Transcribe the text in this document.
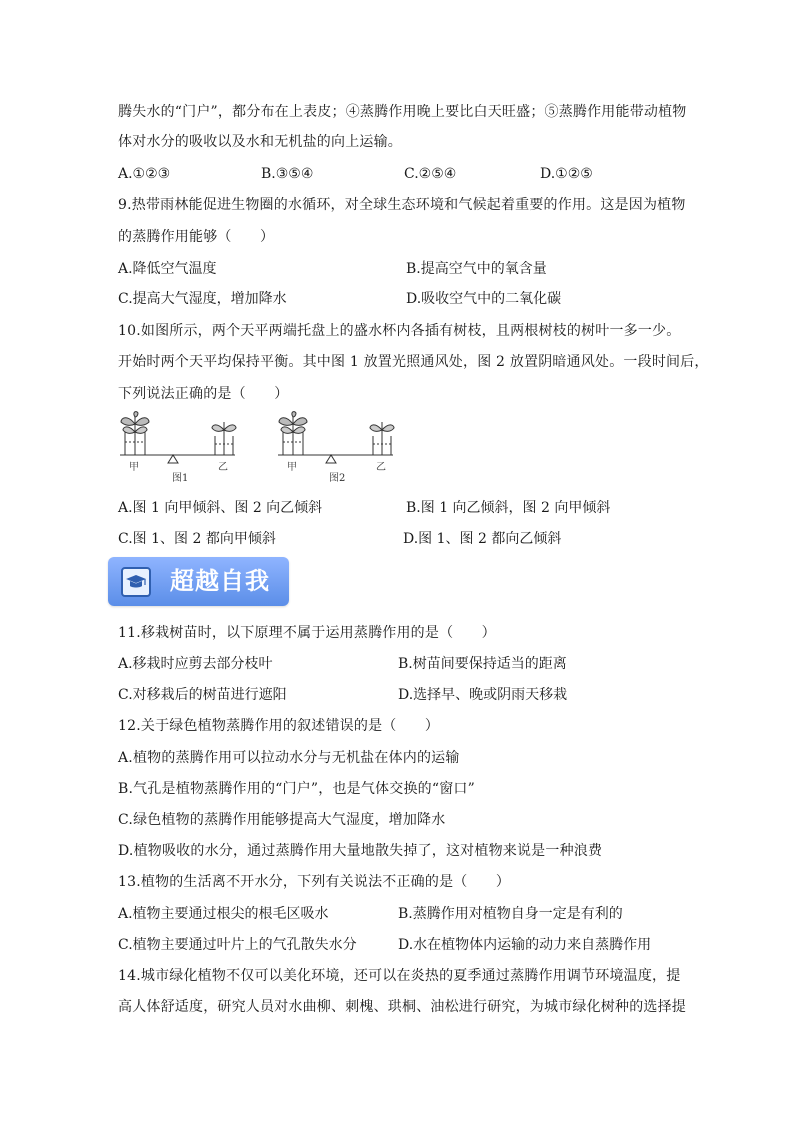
腾失水的“门户”，都分布在上表皮；④蒸腾作用晚上要比白天旺盛；⑤蒸腾作用能带动植物
体对水分的吸收以及水和无机盐的向上运输。
A.①②③	B.③⑤④	C.②⑤④	D.①②⑤
9.热带雨林能促进生物圈的水循环，对全球生态环境和气候起着重要的作用。这是因为植物
的蒸腾作用能够（　　）
A.降低空气温度	B.提高空气中的氧含量
C.提高大气湿度，增加降水	D.吸收空气中的二氧化碳
10.如图所示，两个天平两端托盘上的盛水杯内各插有树枝，且两根树枝的树叶一多一少。
开始时两个天平均保持平衡。其中图 1 放置光照通风处，图 2 放置阴暗通风处。一段时间后，
下列说法正确的是（　　）
甲	乙
图1
甲	乙
图2
A.图 1 向甲倾斜、图 2 向乙倾斜	B.图 1 向乙倾斜，图 2 向甲倾斜
C.图 1、图 2 都向甲倾斜	D.图 1、图 2 都向乙倾斜
超越自我
11.移栽树苗时，以下原理不属于运用蒸腾作用的是（　　）
A.移栽时应剪去部分枝叶	B.树苗间要保持适当的距离
C.对移栽后的树苗进行遮阳	D.选择早、晚或阴雨天移栽
12.关于绿色植物蒸腾作用的叙述错误的是（　　）
A.植物的蒸腾作用可以拉动水分与无机盐在体内的运输
B.气孔是植物蒸腾作用的“门户”，也是气体交换的“窗口”
C.绿色植物的蒸腾作用能够提高大气湿度，增加降水
D.植物吸收的水分，通过蒸腾作用大量地散失掉了，这对植物来说是一种浪费
13.植物的生活离不开水分，下列有关说法不正确的是（　　）
A.植物主要通过根尖的根毛区吸水	B.蒸腾作用对植物自身一定是有利的
C.植物主要通过叶片上的气孔散失水分	D.水在植物体内运输的动力来自蒸腾作用
14.城市绿化植物不仅可以美化环境，还可以在炎热的夏季通过蒸腾作用调节环境温度，提
高人体舒适度，研究人员对水曲柳、刺槐、珙桐、油松进行研究，为城市绿化树种的选择提
